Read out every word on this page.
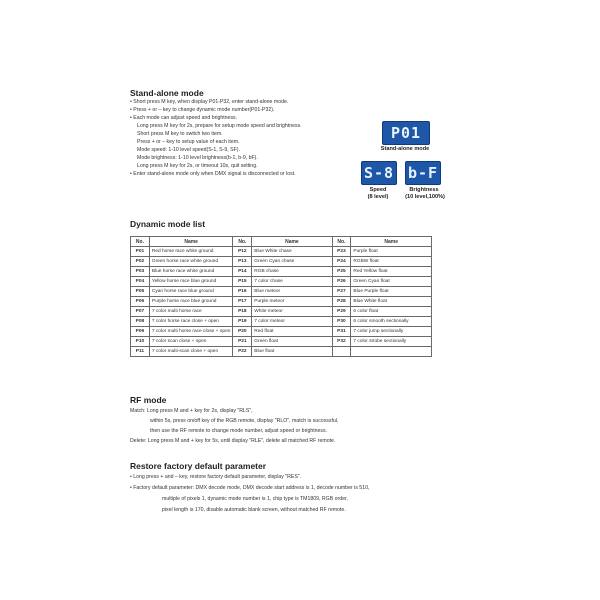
Stand-alone mode
• Short press M key, when display P01-P32, enter stand-alone mode.
• Press + or – key to change dynamic mode number(P01-P32).
• Each mode can adjust speed and brightness.
Long press M key for 2s, prepare for setup mode speed and brightness.
Short press M key to switch two item.
Press + or – key to setup value of each item.
Mode speed: 1-10 level speed(S-1, S-9, SF).
Mode brightness: 1-10 level brightness(b-1, b-9, bF).
Long press M key for 2s, or timeout 10s, quit setting.
• Enter stand-alone mode only when DMX signal is disconnected or lost.
P01
Stand-alone mode
S-8 b-F
Speed
(8 level)
Brightness
(10 level,100%)
Dynamic mode list
No.	Name	No.	Name	No.	Name
P01	Red horse race white ground	P12	Blue White chase	P23	Purple float
P02	Green horse race white ground	P13	Green Cyan chase	P24	RGBW float
P03	Blue horse race white ground	P14	RGB chase	P25	Red Yellow float
P04	Yellow horse race blue ground	P15	7 color chase	P26	Green Cyan float
P05	Cyan horse race blue ground	P16	Blue meteor	P27	Blue Purple float
P06	Purple horse race blue ground	P17	Purple meteor	P28	Blue White float
P07	7 color multi horse race	P18	White meteor	P29	6 color float
P08	7 color horse race close + open	P19	7 color meteor	P30	6 color smooth sectionally
P09	7 color multi horse race close + open	P20	Red float	P31	7 color jump sectionally
P10	7 color scan close + open	P21	Green float	P32	7 color strobe sectionally
P11	7 color multi-scan close + open	P22	Blue float		
RF mode
Match: Long press M and + key for 2s, display "RLS",
within 5s, press on/off key of the RGB remote, display "RLO", match is successful,
then use the RF remote to change mode number, adjust speed or brightness.
Delete: Long press M and + key for 5s, until display "RLE", delete all matched RF remote.
Restore factory default parameter
• Long press + and – key, restore factory default parameter, display "RES".
• Factory default parameter: DMX decode mode, DMX decode start address is 1, decode number is 510,
multiple of pixels 1, dynamic mode number is 1, chip type is TM1809, RGB order,
pixel length is 170, disable automatic blank screen, without matched RF remote.
